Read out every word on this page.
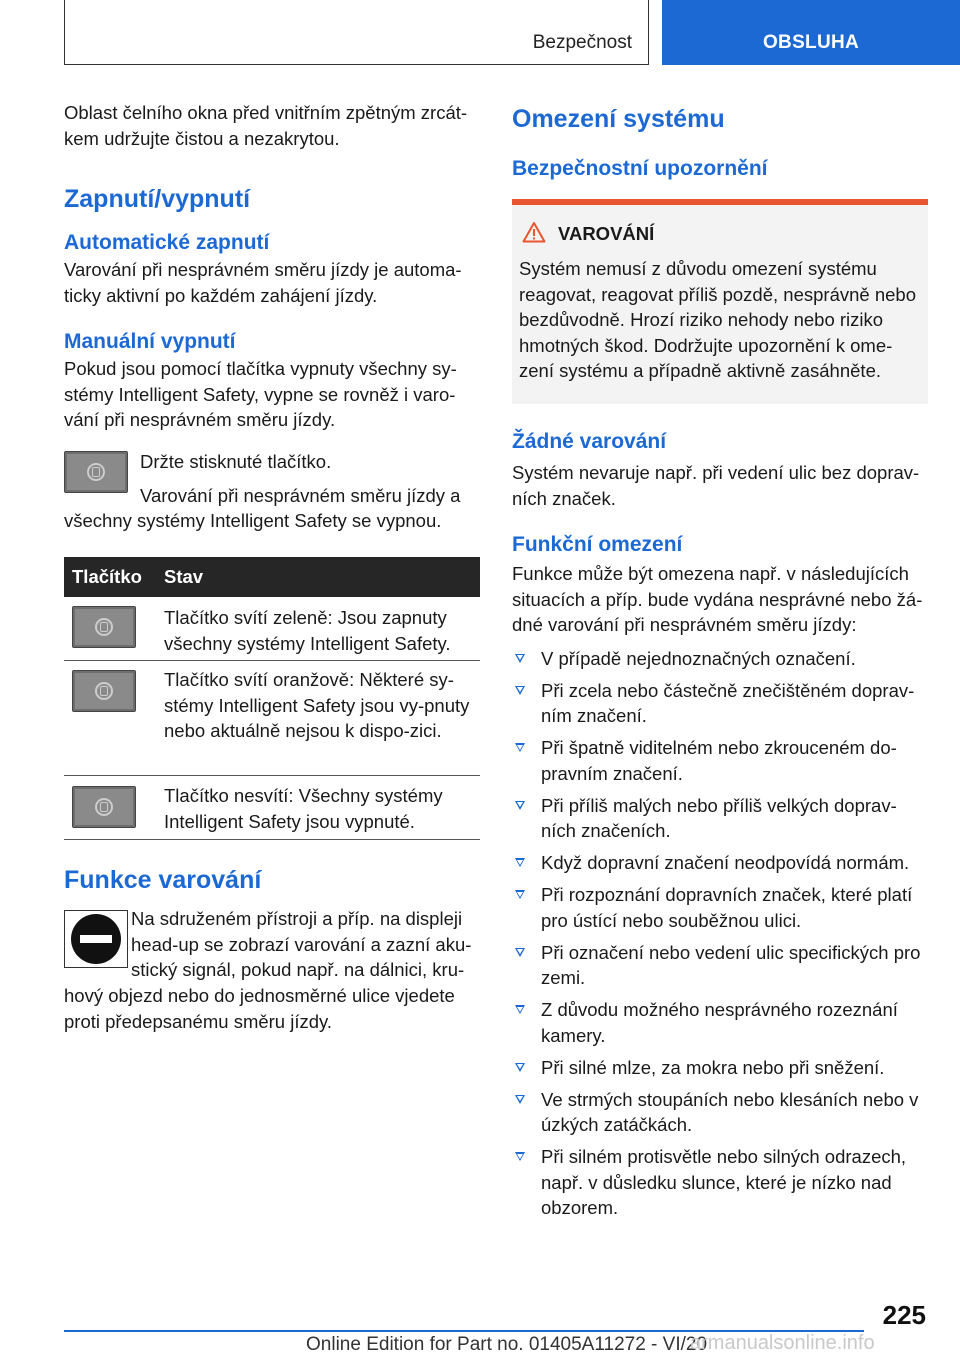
Bezpečnost	OBSLUHA

Oblast čelního okna před vnitřním zpětným zrcát-kem udržujte čistou a nezakrytou.

Zapnutí/vypnutí
Automatické zapnutí

Varování při nesprávném směru jízdy je automa-ticky aktivní po každém zahájení jízdy.

Manuální vypnutí

Pokud jsou pomocí tlačítka vypnuty všechny sy-stémy Intelligent Safety, vypne se rovněž i varo-vání při nesprávném směru jízdy.

Držte stisknuté tlačítko.

Varování při nesprávném směru jízdy a

všechny systémy Intelligent Safety se vypnou.

Tlačítko Stav
Tlačítko svítí zeleně: Jsou zapnuty všechny systémy Intelligent Safety.
Tlačítko svítí oranžově: Některé sy-stémy Intelligent Safety jsou vy-pnuty nebo aktuálně nejsou k dispo-zici.
Tlačítko nesvítí: Všechny systémy Intelligent Safety jsou vypnuté.
Funkce varování

Na sdruženém přístroji a příp. na displeji

head-up se zobrazí varování a zazní aku-

stický signál, pokud např. na dálnici, kru-

hový objezd nebo do jednosměrné ulice vjedete proti předepsanému směru jízdy.

Omezení systému
Bezpečnostní upozornění
VAROVÁNÍ

Systém nemusí z důvodu omezení systému reagovat, reagovat příliš pozdě, nesprávně nebo bezdůvodně. Hrozí riziko nehody nebo riziko hmotných škod. Dodržujte upozornění k ome-zení systému a případně aktivně zasáhněte.

Žádné varování

Systém nevaruje např. při vedení ulic bez doprav-ních značek.

Funkční omezení

Funkce může být omezena např. v následujících situacích a příp. bude vydána nesprávné nebo žá-dné varování při nesprávném směru jízdy:

V případě nejednoznačných označení.
Při zcela nebo částečně znečištěném doprav-ním značení.
Při špatně viditelném nebo zkrouceném do-pravním značení.
Při příliš malých nebo příliš velkých doprav-ních značeních.
Když dopravní značení neodpovídá normám.
Při rozpoznání dopravních značek, které platí pro ústící nebo souběžnou ulici.
Při označení nebo vedení ulic specifických pro zemi.
Z důvodu možného nesprávného rozeznání kamery.
Při silné mlze, za mokra nebo při sněžení.
Ve strmých stoupáních nebo klesáních nebo v úzkých zatáčkách.
Při silném protisvětle nebo silných odrazech, např. v důsledku slunce, které je nízko nad obzorem.
225
Online Edition for Part no. 01405A11272 - VI/20
armanualsonline.info
